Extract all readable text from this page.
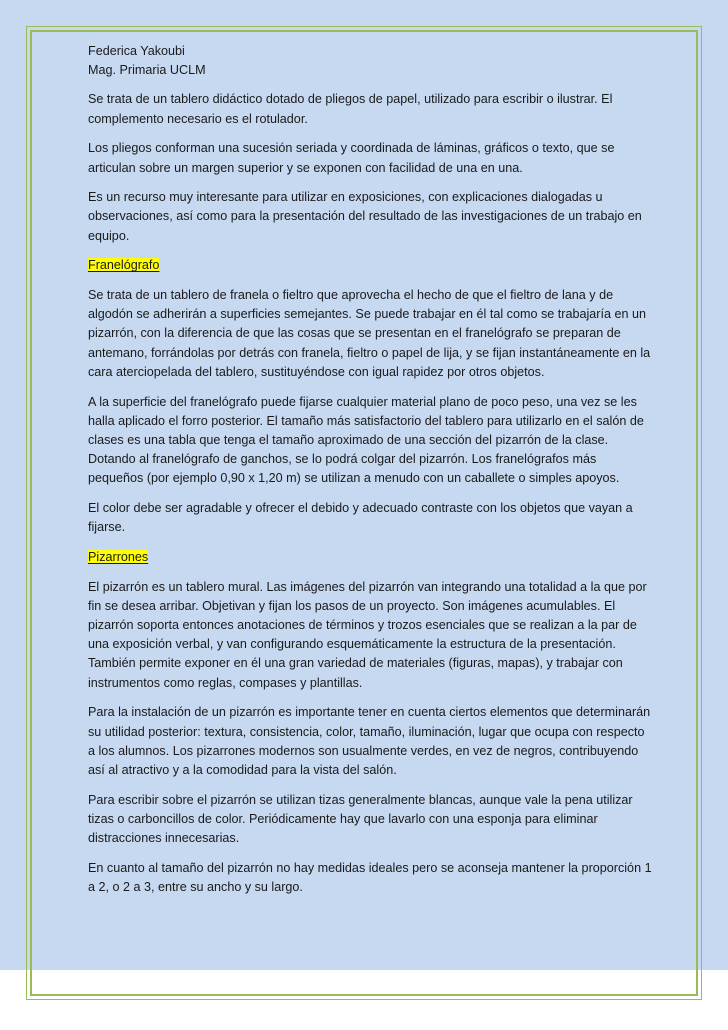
Federica Yakoubi

Mag. Primaria UCLM

Se trata de un tablero didáctico dotado de pliegos de papel, utilizado para escribir o ilustrar. El complemento necesario es el rotulador.

Los pliegos conforman una sucesión seriada y coordinada de láminas, gráficos o texto, que se articulan sobre un margen superior y se exponen con facilidad de una en una.

Es un recurso muy interesante para utilizar en exposiciones, con explicaciones dialogadas u observaciones, así como para la presentación del resultado de las investigaciones de un trabajo en equipo.

Franelógrafo

Se trata de un tablero de franela o fieltro que aprovecha el hecho de que el fieltro de lana y de algodón se adherirán a superficies semejantes. Se puede trabajar en él tal como se trabajaría en un pizarrón, con la diferencia de que las cosas que se presentan en el franelógrafo se preparan de antemano, forrándolas por detrás con franela, fieltro o papel de lija, y se fijan instantáneamente en la cara aterciopelada del tablero, sustituyéndose con igual rapidez por otros objetos.

A la superficie del franelógrafo puede fijarse cualquier material plano de poco peso, una vez se les halla aplicado el forro posterior. El tamaño más satisfactorio del tablero para utilizarlo en el salón de clases es una tabla que tenga el tamaño aproximado de una sección del pizarrón de la clase. Dotando al franelógrafo de ganchos, se lo podrá colgar del pizarrón. Los franelógrafos más pequeños (por ejemplo 0,90 x 1,20 m) se utilizan a menudo con un caballete o simples apoyos.

El color debe ser agradable y ofrecer el debido y adecuado contraste con los objetos que vayan a fijarse.

Pizarrones

El pizarrón es un tablero mural. Las imágenes del pizarrón van integrando una totalidad a la que por fin se desea arribar. Objetivan y fijan los pasos de un proyecto. Son imágenes acumulables. El pizarrón soporta entonces anotaciones de términos y trozos esenciales que se realizan a la par de una exposición verbal, y van configurando esquemáticamente la estructura de la presentación. También permite exponer en él una gran variedad de materiales (figuras, mapas), y trabajar con instrumentos como reglas, compases y plantillas.

Para la instalación de un pizarrón es importante tener en cuenta ciertos elementos que determinarán su utilidad posterior: textura, consistencia, color, tamaño, iluminación, lugar que ocupa con respecto a los alumnos. Los pizarrones modernos son usualmente verdes, en vez de negros, contribuyendo así al atractivo y a la comodidad para la vista del salón.

Para escribir sobre el pizarrón se utilizan tizas generalmente blancas, aunque vale la pena utilizar tizas o carboncillos de color. Periódicamente hay que lavarlo con una esponja para eliminar distracciones innecesarias.

En cuanto al tamaño del pizarrón no hay medidas ideales pero se aconseja mantener la proporción 1 a 2, o 2 a 3, entre su ancho y su largo.
